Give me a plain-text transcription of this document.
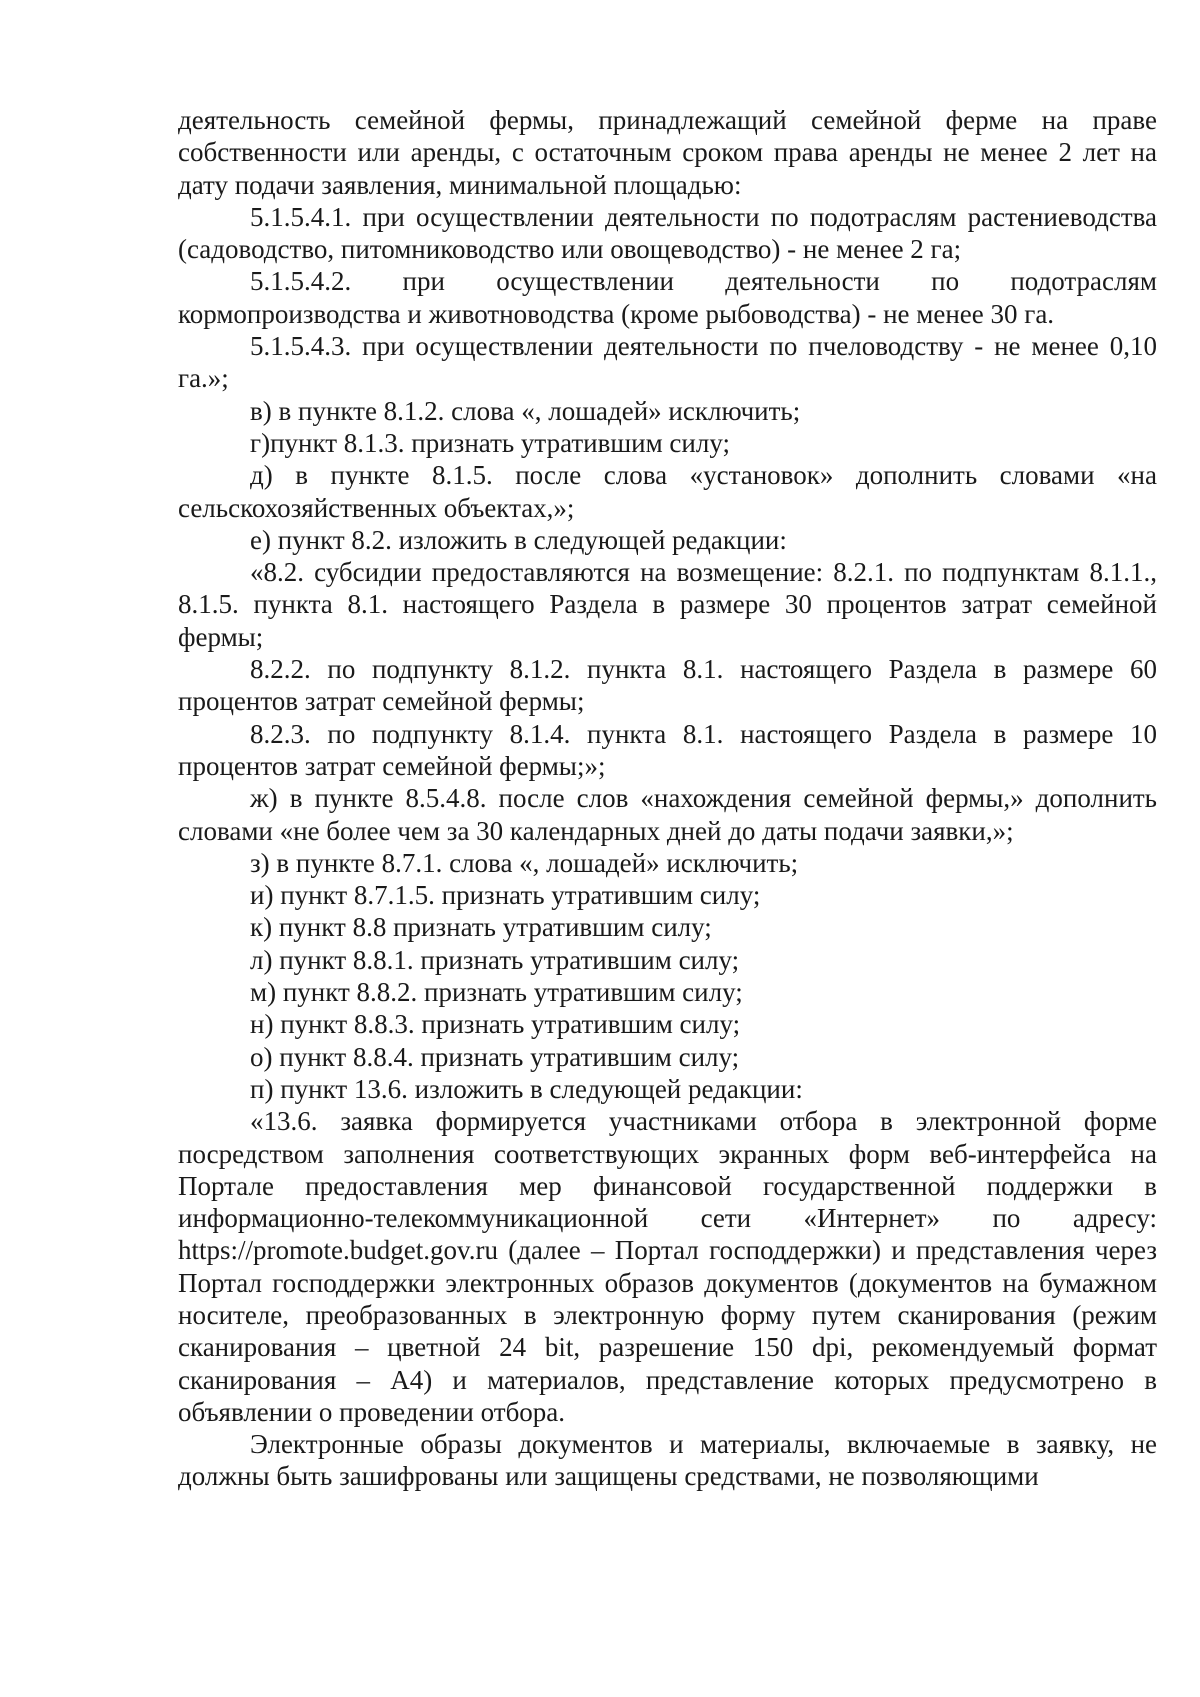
деятельность семейной фермы, принадлежащий семейной ферме на праве собственности или аренды, с остаточным сроком права аренды не менее 2 лет на дату подачи заявления, минимальной площадью:

5.1.5.4.1. при осуществлении деятельности по подотраслям растениеводства (садоводство, питомниководство или овощеводство) - не менее 2 га;

5.1.5.4.2. при осуществлении деятельности по подотраслям кормопроизводства и животноводства (кроме рыбоводства) - не менее 30 га.

5.1.5.4.3. при осуществлении деятельности по пчеловодству - не менее 0,10 га.»;

в) в пункте 8.1.2. слова «, лошадей» исключить;

г)пункт 8.1.3. признать утратившим силу;

д) в пункте 8.1.5. после слова «установок» дополнить словами «на сельскохозяйственных объектах,»;

е) пункт 8.2. изложить в следующей редакции:

«8.2. субсидии предоставляются на возмещение: 8.2.1. по подпунктам 8.1.1., 8.1.5. пункта 8.1. настоящего Раздела в размере 30 процентов затрат семейной фермы;

8.2.2. по подпункту 8.1.2. пункта 8.1. настоящего Раздела в размере 60 процентов затрат семейной фермы;

8.2.3. по подпункту 8.1.4. пункта 8.1. настоящего Раздела в размере 10 процентов затрат семейной фермы;»;

ж) в пункте 8.5.4.8. после слов «нахождения семейной фермы,» дополнить словами «не более чем за 30 календарных дней до даты подачи заявки,»;

з) в пункте 8.7.1. слова «, лошадей» исключить;

и) пункт 8.7.1.5. признать утратившим силу;

к) пункт 8.8 признать утратившим силу;

л) пункт 8.8.1. признать утратившим силу;

м) пункт 8.8.2. признать утратившим силу;

н) пункт 8.8.3. признать утратившим силу;

о) пункт 8.8.4. признать утратившим силу;

п) пункт 13.6. изложить в следующей редакции:

«13.6. заявка формируется участниками отбора в электронной форме посредством заполнения соответствующих экранных форм веб-интерфейса на Портале предоставления мер финансовой государственной поддержки в информационно-телекоммуникационной сети «Интернет» по адресу: https://promote.budget.gov.ru (далее – Портал господдержки) и представления через Портал господдержки электронных образов документов (документов на бумажном носителе, преобразованных в электронную форму путем сканирования (режим сканирования – цветной 24 bit, разрешение 150 dpi, рекомендуемый формат сканирования – А4) и материалов, представление которых предусмотрено в объявлении о проведении отбора.

Электронные образы документов и материалы, включаемые в заявку, не должны быть зашифрованы или защищены средствами, не позволяющими
